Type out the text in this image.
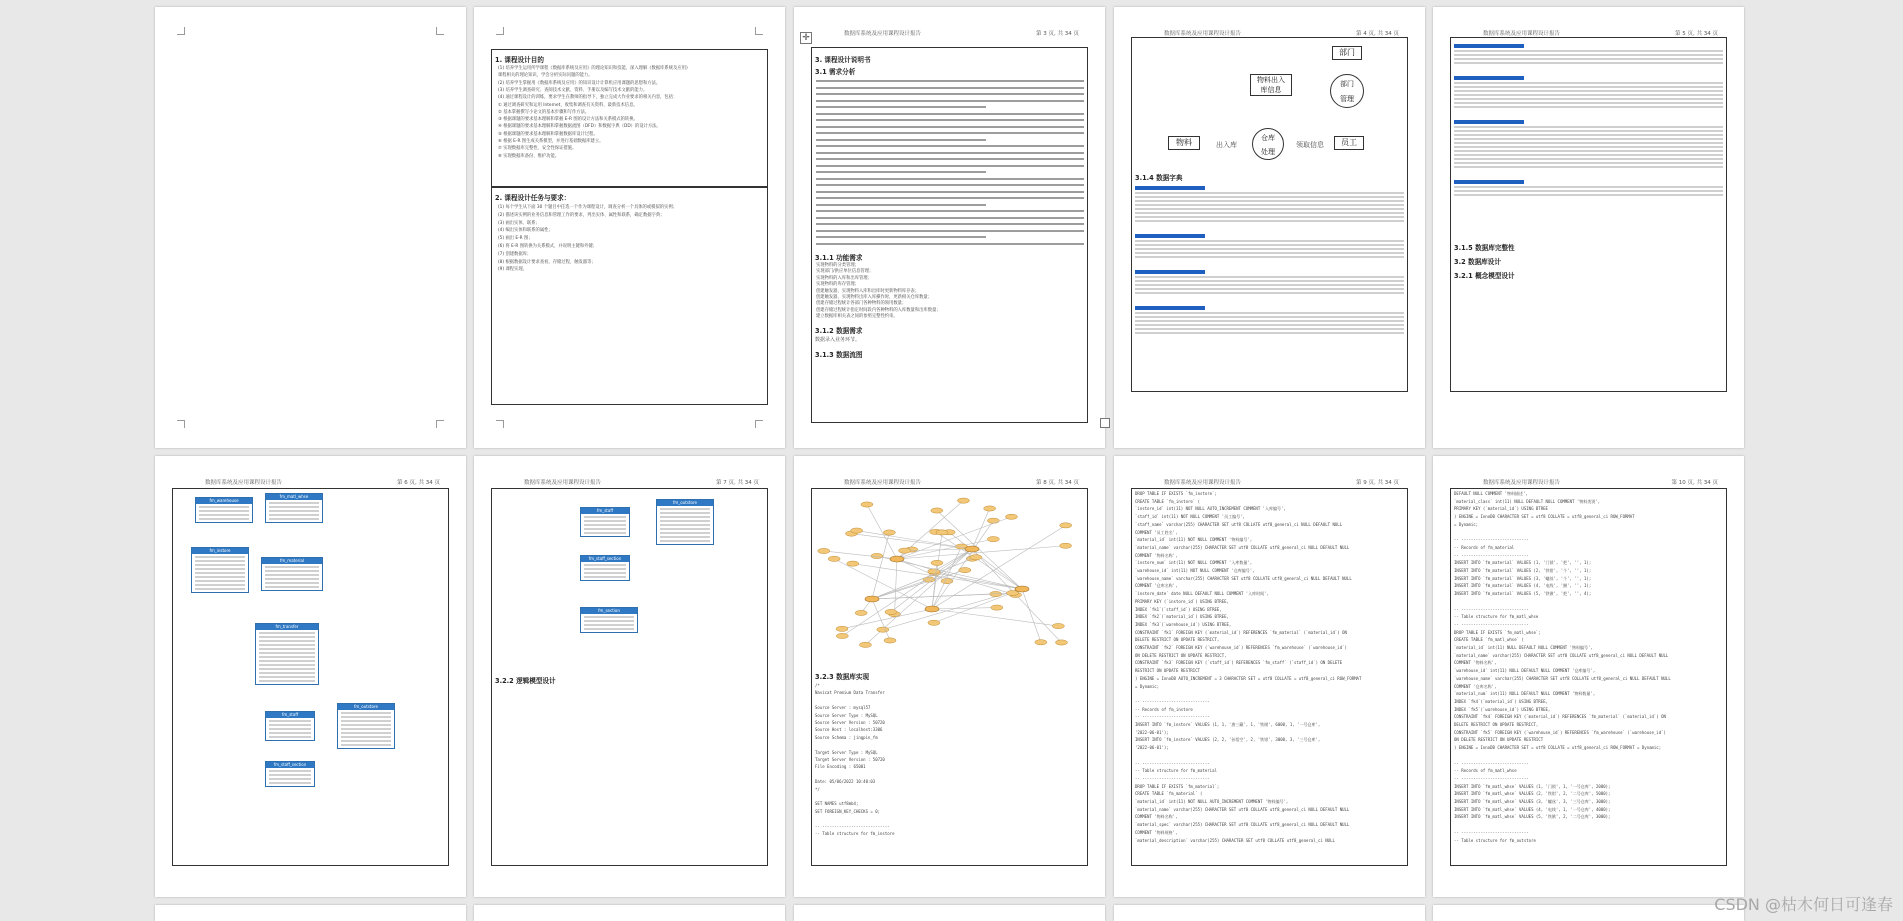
1. 课程设计目的
(1) 培养学生运用所学课程《数据库系统及应用》的理论知识和技能，深入理解《数据库系统及应用》
课程相关的理论知识，学会分析实际问题的能力。
(2) 培养学生掌握用《数据库系统及应用》的知识设计计算机应用课题的思想和方法。
(3) 培养学生调查研究、查阅技术文献、资料、手册以及编写技术文献的能力。
(4) 通过课程设计的训练，要求学生在教师的指导下，独立完成大作业要求的相关内容，包括：
① 通过调查研究和运用 Internet，收集和调查有关资料、最新技术信息。
② 基本掌握撰写小论文的基本步骤和写作方法。
③ 根据课题的要求基本理解和掌握 E-R 图的设计方法和关系模式的转换。
④ 根据课题的要求基本理解和掌握数据流图（DFD）和数据字典（DD）的设计方法。
⑤ 根据课题的要求基本理解和掌握数据库设计过程。
⑥ 根据 E-R 图生成关系模型，并进行基础数据库建立。
⑦ 实现数据库完整性、安全性保证措施。
⑧ 实现数据库备份、维护功能。
2. 课程设计任务与要求：
(1) 每个学生从下面 30 个题目中任选一个作为课程设计，调查分析一个具体的或模拟的实例；
(2) 描述该实例的业务信息和管理工作的要求，列出实体、属性和联系，确定数据字典；
(3) 画出实体、联系；
(4) 编出实体和联系的属性；
(5) 画出 E-R 图；
(6) 将 E-R 图转换为关系模式，并说明主键和外键；
(7) 创建数据库；
(8) 根据数据设计要求查看，存储过程，触发器等；
(9) 课程实现。
数据库系统及应用课程设计报告	第 3 页, 共 34 页
3. 课程设计说明书
3.1 需求分析
3.1.1 功能需求
实现物料的分类管理；
实现部门/供应单位信息管理；
实现物料的入库和出库管理；
实现物料的库存管理；
创建触发器，实现物料入库和出库时更新物料库存表；
创建触发器，实现物料出库入库操作时，更新相关仓库数量；
创建存储过程统计各部门各种物料的领用数量；
创建存储过程统计指定时间段内各种物料的入库数量和出库数量；
建立数据库相关表之间的参照完整性约束。
3.1.2 数据需求
数据录入业务环节。
3.1.3 数据流图
数据库系统及应用课程设计报告	第 4 页, 共 34 页
部门
部门
管理
物料出入
库信息
物料	出入库
仓库
处理
领取信息	员工
3.1.4 数据字典
数据库系统及应用课程设计报告	第 5 页, 共 34 页
3.1.5 数据库完整性
3.2 数据库设计
3.2.1 概念模型设计
数据库系统及应用课程设计报告	第 6 页, 共 34 页
fm_warehouse
fm_matl_whse
fm_instore
fm_material
fm_transfer
fm_staff
fm_outstore
fm_staff_section
数据库系统及应用课程设计报告	第 7 页, 共 34 页
fm_staff
fm_outstore
fm_staff_section
fm_section
3.2.2 逻辑模型设计
数据库系统及应用课程设计报告	第 8 页, 共 34 页
3.2.3 数据库实现
/*
Navicat Premium Data Transfer
Source Server : mysql57
Source Server Type : MySQL
Source Server Version : 50720
Source Host : localhost:3306
Source Schema : jingpin_fm
Target Server Type : MySQL
Target Server Version : 50720
File Encoding : 65001
Date: 05/06/2022 10:40:03
*/
SET NAMES utf8mb4;
SET FOREIGN_KEY_CHECKS = 0;
-- ----------------------------
-- Table structure for fm_instore
数据库系统及应用课程设计报告	第 9 页, 共 34 页
DROP TABLE IF EXISTS `fm_instore`;
CREATE TABLE `fm_instore` (
`instore_id` int(11) NOT NULL AUTO_INCREMENT COMMENT '入库编号',
`staff_id` int(11) NOT NULL COMMENT '员工编号',
`staff_name` varchar(255) CHARACTER SET utf8 COLLATE utf8_general_ci NULL DEFAULT NULL
COMMENT '员工姓名',
`material_id` int(11) NOT NULL COMMENT '物料编号',
`material_name` varchar(255) CHARACTER SET utf8 COLLATE utf8_general_ci NULL DEFAULT NULL
COMMENT '物料名称',
`instore_num` int(11) NOT NULL COMMENT '入库数量',
`warehouse_id` int(11) NOT NULL COMMENT '仓库编号',
`warehouse_name` varchar(255) CHARACTER SET utf8 COLLATE utf8_general_ci NULL DEFAULT NULL
COMMENT '仓库名称',
`instore_date` date NULL DEFAULT NULL COMMENT '入库时间',
PRIMARY KEY (`instore_id`) USING BTREE,
INDEX `fk1`(`staff_id`) USING BTREE,
INDEX `fk2`(`material_id`) USING BTREE,
INDEX `fk3`(`warehouse_id`) USING BTREE,
CONSTRAINT `fk1` FOREIGN KEY (`material_id`) REFERENCES `fm_material` (`material_id`) ON
DELETE RESTRICT ON UPDATE RESTRICT,
CONSTRAINT `fk2` FOREIGN KEY (`warehouse_id`) REFERENCES `fm_warehouse` (`warehouse_id`)
ON DELETE RESTRICT ON UPDATE RESTRICT,
CONSTRAINT `fk3` FOREIGN KEY (`staff_id`) REFERENCES `fm_staff` (`staff_id`) ON DELETE
RESTRICT ON UPDATE RESTRICT
) ENGINE = InnoDB AUTO_INCREMENT = 3 CHARACTER SET = utf8 COLLATE = utf8_general_ci ROW_FORMAT
= Dynamic;
-- ----------------------------
-- Records of fm_instore
-- ----------------------------
INSERT INTO `fm_instore` VALUES (1, 1, '唐三藏', 1, '铁锹', 6000, 1, '一号仓库',
'2022-06-01');
INSERT INTO `fm_instore` VALUES (2, 2, '孙悟空', 2, '铁钳', 3000, 3, '三号仓库',
'2022-06-01');
-- ----------------------------
-- Table structure for fm_material
-- ----------------------------
DROP TABLE IF EXISTS `fm_material`;
CREATE TABLE `fm_material` (
`material_id` int(11) NOT NULL AUTO_INCREMENT COMMENT '物料编号',
`material_name` varchar(255) CHARACTER SET utf8 COLLATE utf8_general_ci NULL DEFAULT NULL
COMMENT '物料名称',
`material_spec` varchar(255) CHARACTER SET utf8 COLLATE utf8_general_ci NULL DEFAULT NULL
COMMENT '物料规格',
`material_description` varchar(255) CHARACTER SET utf8 COLLATE utf8_general_ci NULL
数据库系统及应用课程设计报告	第 10 页, 共 34 页
DEFAULT NULL COMMENT '物料描述',
`material_class` int(11) NULL DEFAULT NULL COMMENT '物料类别',
PRIMARY KEY (`material_id`) USING BTREE
) ENGINE = InnoDB CHARACTER SET = utf8 COLLATE = utf8_general_ci ROW_FORMAT
= Dynamic;
-- ----------------------------
-- Records of fm_material
-- ----------------------------
INSERT INTO `fm_material` VALUES (1, '门锁', '把', '', 1);
INSERT INTO `fm_material` VALUES (2, '铁钳', '个', '', 1);
INSERT INTO `fm_material` VALUES (3, '螺丝', '个', '', 1);
INSERT INTO `fm_material` VALUES (4, '电线', '捆', '', 1);
INSERT INTO `fm_material` VALUES (5, '铁锹', '把', '', 4);
-- ----------------------------
-- Table structure for fm_matl_whse
-- ----------------------------
DROP TABLE IF EXISTS `fm_matl_whse`;
CREATE TABLE `fm_matl_whse` (
`material_id` int(11) NULL DEFAULT NULL COMMENT '物料编号',
`material_name` varchar(255) CHARACTER SET utf8 COLLATE utf8_general_ci NULL DEFAULT NULL
COMMENT '物料名称',
`warehouse_id` int(11) NULL DEFAULT NULL COMMENT '仓库编号',
`warehouse_name` varchar(255) CHARACTER SET utf8 COLLATE utf8_general_ci NULL DEFAULT NULL
COMMENT '仓库名称',
`material_num` int(11) NULL DEFAULT NULL COMMENT '物料数量',
INDEX `fk4`(`material_id`) USING BTREE,
INDEX `fk5`(`warehouse_id`) USING BTREE,
CONSTRAINT `fk4` FOREIGN KEY (`material_id`) REFERENCES `fm_material` (`material_id`) ON
DELETE RESTRICT ON UPDATE RESTRICT,
CONSTRAINT `fk5` FOREIGN KEY (`warehouse_id`) REFERENCES `fm_warehouse` (`warehouse_id`)
ON DELETE RESTRICT ON UPDATE RESTRICT
) ENGINE = InnoDB CHARACTER SET = utf8 COLLATE = utf8_general_ci ROW_FORMAT = Dynamic;
-- ----------------------------
-- Records of fm_matl_whse
-- ----------------------------
INSERT INTO `fm_matl_whse` VALUES (1, '门锁', 1, '一号仓库', 2000);
INSERT INTO `fm_matl_whse` VALUES (2, '铁钳', 2, '二号仓库', 5000);
INSERT INTO `fm_matl_whse` VALUES (3, '螺丝', 3, '三号仓库', 3000);
INSERT INTO `fm_matl_whse` VALUES (4, '电线', 1, '一号仓库', 4000);
INSERT INTO `fm_matl_whse` VALUES (5, '铁锹', 2, '二号仓库', 3000);
-- ----------------------------
-- Table structure for fm_outstore
✛
CSDN @枯木何日可逢春
